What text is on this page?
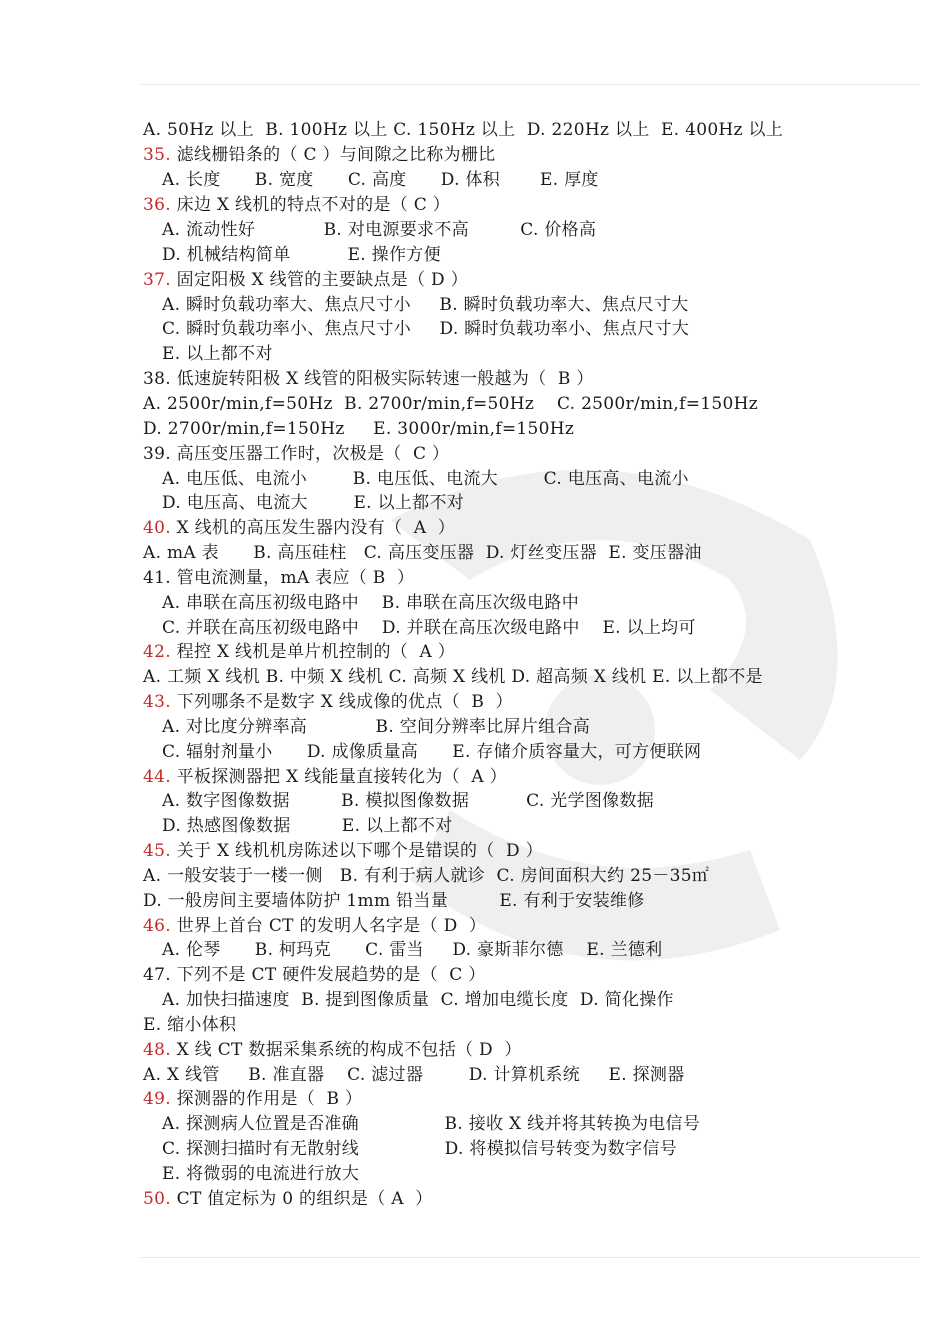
A. 50Hz 以上  B. 100Hz 以上 C. 150Hz 以上  D. 220Hz 以上  E. 400Hz 以上
35. 滤线栅铅条的（ C ）与间隙之比称为栅比
A. 长度      B. 宽度      C. 高度      D. 体积       E. 厚度
36. 床边 X 线机的特点不对的是（ C ）
A. 流动性好            B. 对电源要求不高         C. 价格高
D. 机械结构简单          E. 操作方便
37. 固定阳极 X 线管的主要缺点是（ D ）
A. 瞬时负载功率大、焦点尺寸小     B. 瞬时负载功率大、焦点尺寸大
C. 瞬时负载功率小、焦点尺寸小     D. 瞬时负载功率小、焦点尺寸大
E. 以上都不对
38. 低速旋转阳极 X 线管的阳极实际转速一般越为（  B ）
A. 2500r/min,f=50Hz  B. 2700r/min,f=50Hz    C. 2500r/min,f=150Hz
D. 2700r/min,f=150Hz     E. 3000r/min,f=150Hz
39. 高压变压器工作时，次极是（  C ）
A. 电压低、电流小        B. 电压低、电流大        C. 电压高、电流小
D. 电压高、电流大        E. 以上都不对
40. X 线机的高压发生器内没有（  A  ）
A. mA 表      B. 高压硅柱   C. 高压变压器  D. 灯丝变压器  E. 变压器油
41. 管电流测量，mA 表应（ B  ）
A. 串联在高压初级电路中    B. 串联在高压次级电路中
C. 并联在高压初级电路中    D. 并联在高压次级电路中    E. 以上均可
42. 程控 X 线机是单片机控制的（  A ）
A. 工频 X 线机 B. 中频 X 线机 C. 高频 X 线机 D. 超高频 X 线机 E. 以上都不是
43. 下列哪条不是数字 X 线成像的优点（  B  ）
A. 对比度分辨率高            B. 空间分辨率比屏片组合高
C. 辐射剂量小      D. 成像质量高      E. 存储介质容量大，可方便联网
44. 平板探测器把 X 线能量直接转化为（  A ）
A. 数字图像数据         B. 模拟图像数据          C. 光学图像数据
D. 热感图像数据         E. 以上都不对
45. 关于 X 线机机房陈述以下哪个是错误的（  D ）
A. 一般安装于一楼一侧   B. 有利于病人就诊  C. 房间面积大约 25－35㎡
D. 一般房间主要墙体防护 1mm 铅当量         E. 有利于安装维修
46. 世界上首台 CT 的发明人名字是（ D  ）
A. 伦琴      B. 柯玛克      C. 雷当     D. 豪斯菲尔德    E. 兰德利
47. 下列不是 CT 硬件发展趋势的是（  C ）
A. 加快扫描速度  B. 提到图像质量  C. 增加电缆长度  D. 简化操作
E. 缩小体积
48. X 线 CT 数据采集系统的构成不包括（ D  ）
A. X 线管     B. 准直器    C. 滤过器        D. 计算机系统     E. 探测器
49. 探测器的作用是（  B ）
A. 探测病人位置是否准确               B. 接收 X 线并将其转换为电信号
C. 探测扫描时有无散射线               D. 将模拟信号转变为数字信号
E. 将微弱的电流进行放大
50. CT 值定标为 0 的组织是（ A  ）
